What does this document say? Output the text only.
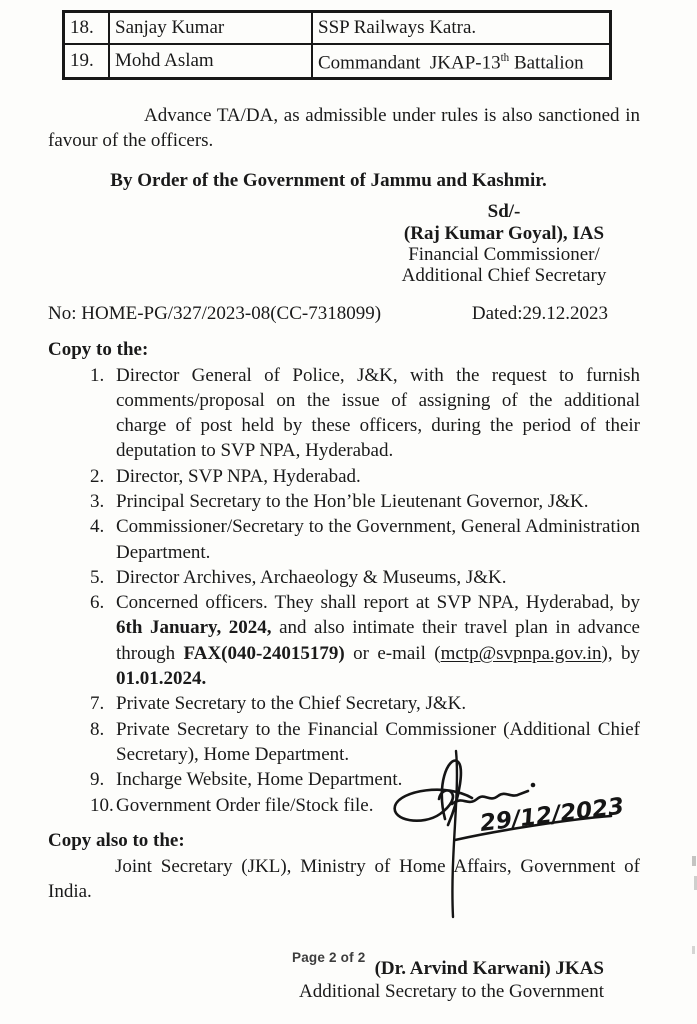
18.	Sanjay Kumar	SSP Railways Katra.
19.	Mohd Aslam	Commandant  JKAP-13th Battalion
Advance TA/DA, as admissible under rules is also sanctioned in favour of the officers.
By Order of the Government of Jammu and Kashmir.
Sd/-
(Raj Kumar Goyal), IAS
Financial Commissioner/
Additional Chief Secretary
No: HOME-PG/327/2023-08(CC-7318099)	Dated:29.12.2023
Copy to the:
1. Director General of Police, J&K, with the request to furnish comments/proposal on the issue of assigning of the additional charge of post held by these officers, during the period of their deputation to SVP NPA, Hyderabad.
2. Director, SVP NPA, Hyderabad.
3. Principal Secretary to the Hon’ble Lieutenant Governor, J&K.
4. Commissioner/Secretary to the Government, General Administration Department.
5. Director Archives, Archaeology & Museums, J&K.
6. Concerned officers. They shall report at SVP NPA, Hyderabad, by 6th January, 2024, and also intimate their travel plan in advance through FAX(040-24015179) or e-mail (mctp@svpnpa.gov.in), by 01.01.2024.
7. Private Secretary to the Chief Secretary, J&K.
8. Private Secretary to the Financial Commissioner (Additional Chief Secretary), Home Department.
9. Incharge Website, Home Department.
10. Government Order file/Stock file.
Copy also to the:
Joint Secretary (JKL), Ministry of Home Affairs, Government of India.
(Dr. Arvind Karwani) JKAS
Additional Secretary to the Government
29/12/2023
Page 2 of 2
